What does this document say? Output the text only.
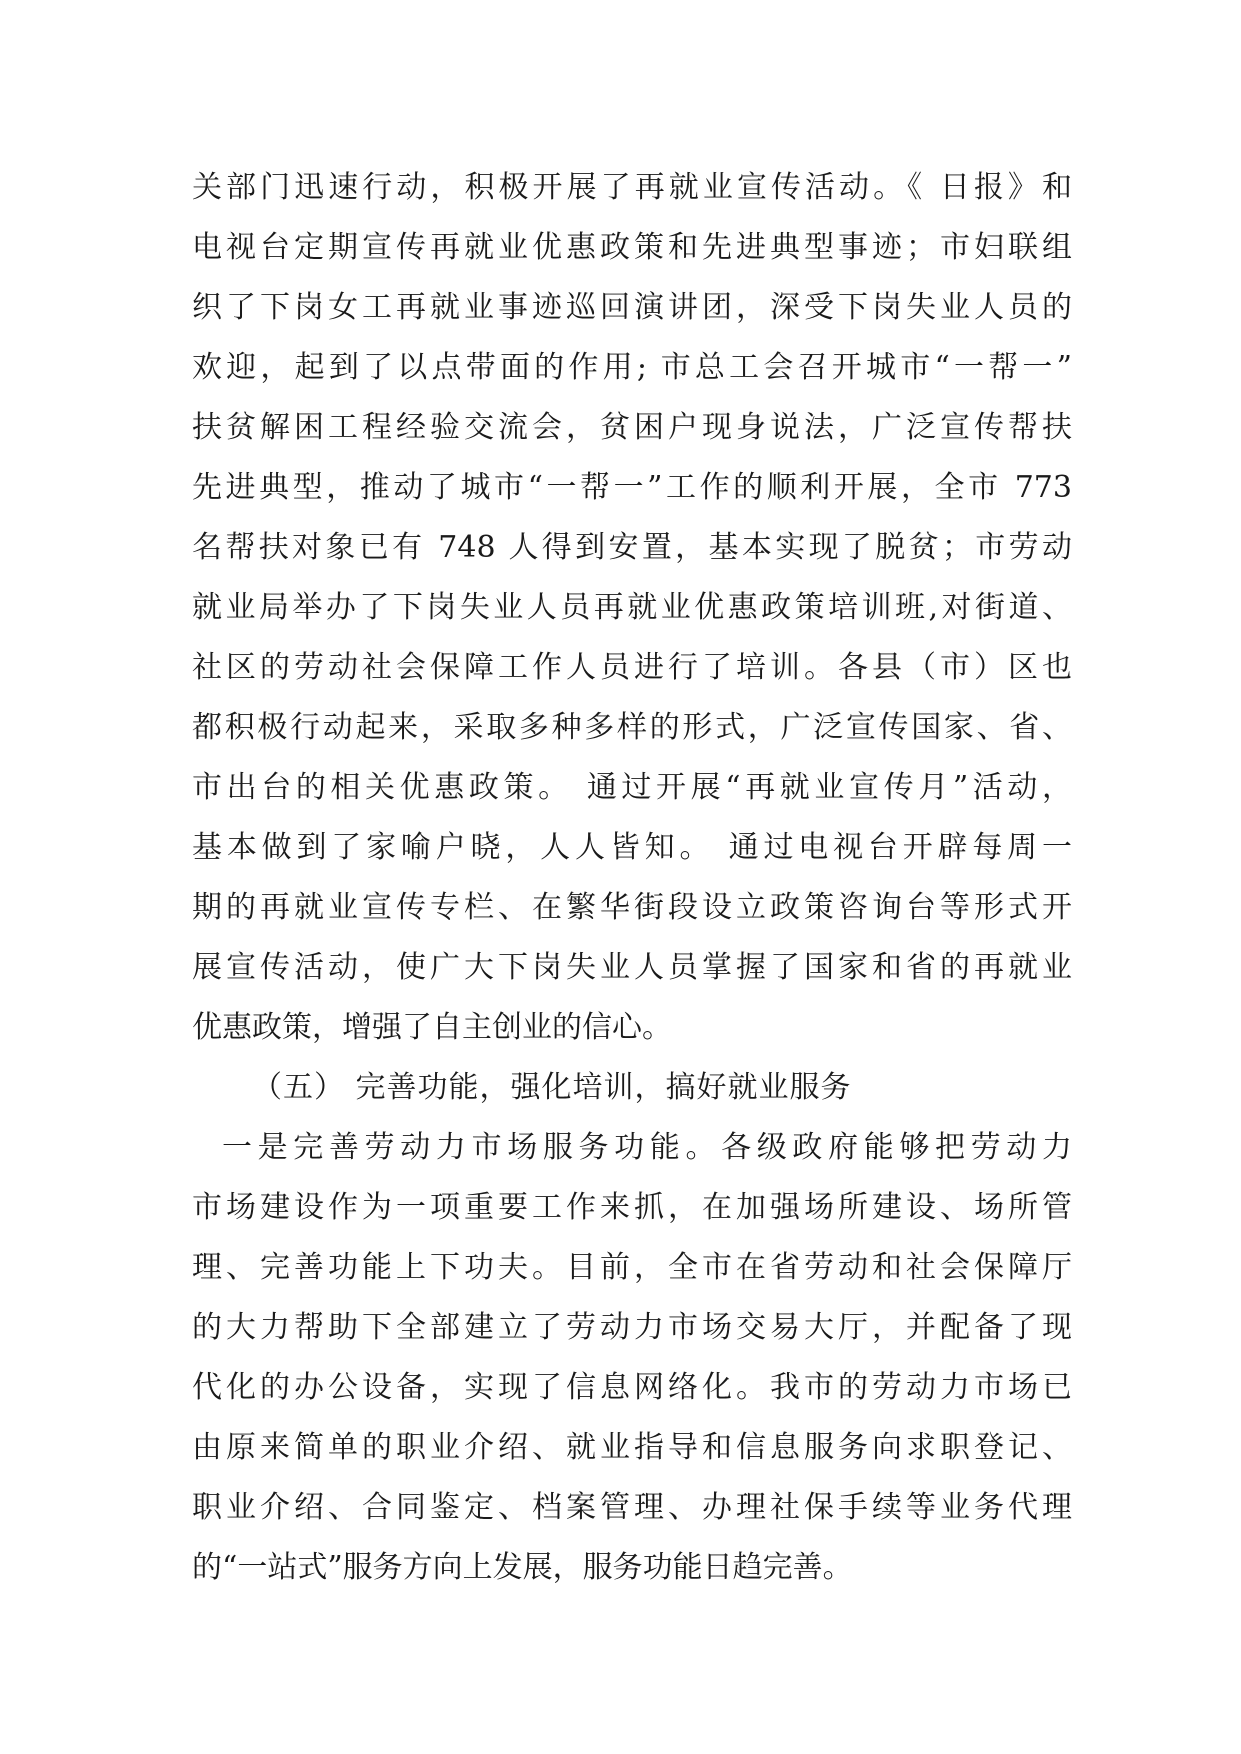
关部门迅速行动，积极开展了再就业宣传活动。《 日报》和
电视台定期宣传再就业优惠政策和先进典型事迹；市妇联组
织了下岗女工再就业事迹巡回演讲团，深受下岗失业人员的
欢迎，起到了以点带面的作用; 市总工会召开城市“一帮一”
扶贫解困工程经验交流会，贫困户现身说法，广泛宣传帮扶
先进典型，推动了城市“一帮一”工作的顺利开展，全市 773
名帮扶对象已有 748 人得到安置，基本实现了脱贫；市劳动
就业局举办了下岗失业人员再就业优惠政策培训班,对街道、
社区的劳动社会保障工作人员进行了培训。各县（市）区也
都积极行动起来，采取多种多样的形式，广泛宣传国家、省、
市出台的相关优惠政策。 通过开展“再就业宣传月”活动，
基本做到了家喻户晓，人人皆知。 通过电视台开辟每周一
期的再就业宣传专栏、在繁华街段设立政策咨询台等形式开
展宣传活动，使广大下岗失业人员掌握了国家和省的再就业
优惠政策，增强了自主创业的信心。
（五） 完善功能，强化培训，搞好就业服务
一是完善劳动力市场服务功能。各级政府能够把劳动力
市场建设作为一项重要工作来抓，在加强场所建设、场所管
理、完善功能上下功夫。目前，全市在省劳动和社会保障厅
的大力帮助下全部建立了劳动力市场交易大厅，并配备了现
代化的办公设备，实现了信息网络化。我市的劳动力市场已
由原来简单的职业介绍、就业指导和信息服务向求职登记、
职业介绍、合同鉴定、档案管理、办理社保手续等业务代理
的“一站式”服务方向上发展，服务功能日趋完善。
